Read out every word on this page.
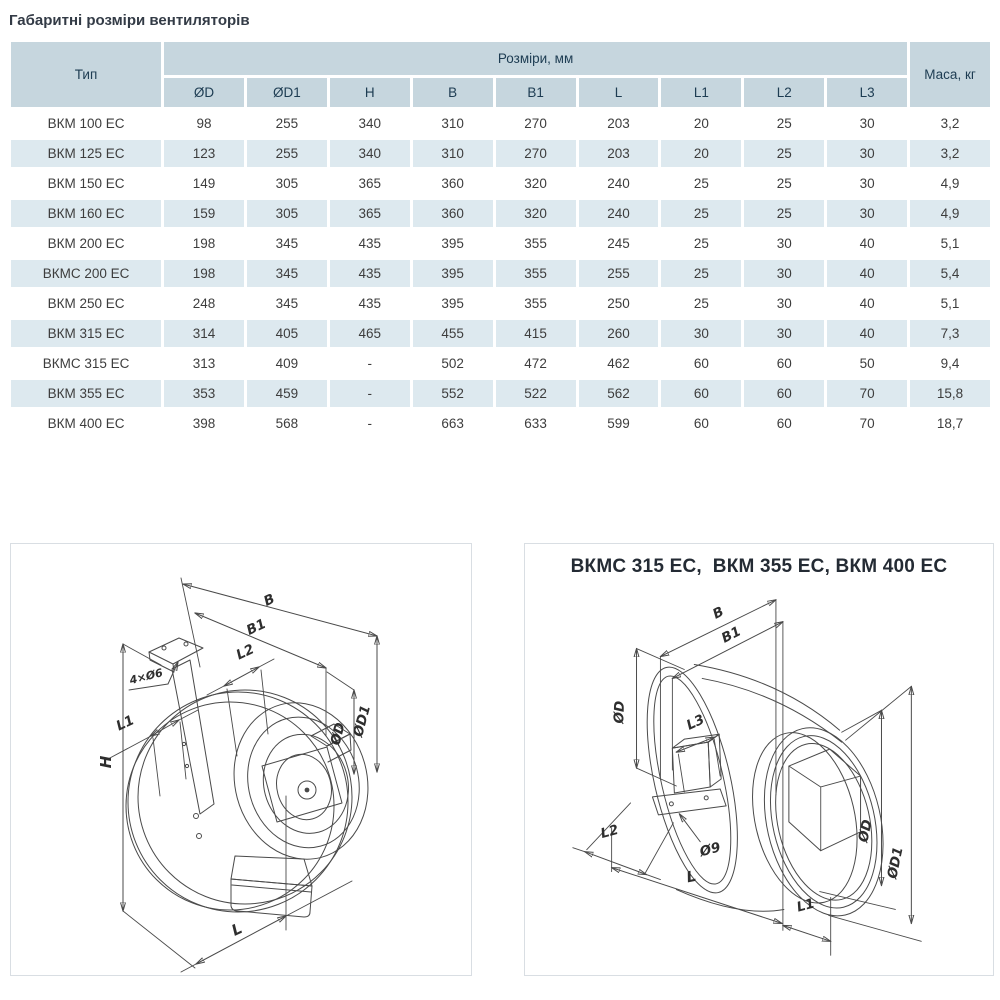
Габаритні розміри вентиляторів
Тип	Розміри, мм									Маса, кг
	ØD	ØD1	H	B	B1	L	L1	L2	L3	
ВКМ 100 ЕС	98	255	340	310	270	203	20	25	30	3,2
ВКМ 125 ЕС	123	255	340	310	270	203	20	25	30	3,2
ВКМ 150 ЕС	149	305	365	360	320	240	25	25	30	4,9
ВКМ 160 ЕС	159	305	365	360	320	240	25	25	30	4,9
ВКМ 200 ЕС	198	345	435	395	355	245	25	30	40	5,1
ВКМС 200 ЕС	198	345	435	395	355	255	25	30	40	5,4
ВКМ 250 ЕС	248	345	435	395	355	250	25	30	40	5,1
ВКМ 315 ЕС	314	405	465	455	415	260	30	30	40	7,3
ВКМС 315 ЕС	313	409	-	502	472	462	60	60	50	9,4
ВКМ 355 ЕС	353	459	-	552	522	562	60	60	70	15,8
ВКМ 400 ЕС	398	568	-	663	633	599	60	60	70	18,7
B
B1
L2
4×Ø6
L1
H
ØD ØD1
L
ВКМС 315 ЕС,  ВКМ 355 ЕС, ВКМ 400 ЕС
B
B1
ØD	L3
L2
Ø9
L
L1
ØD
ØD1
